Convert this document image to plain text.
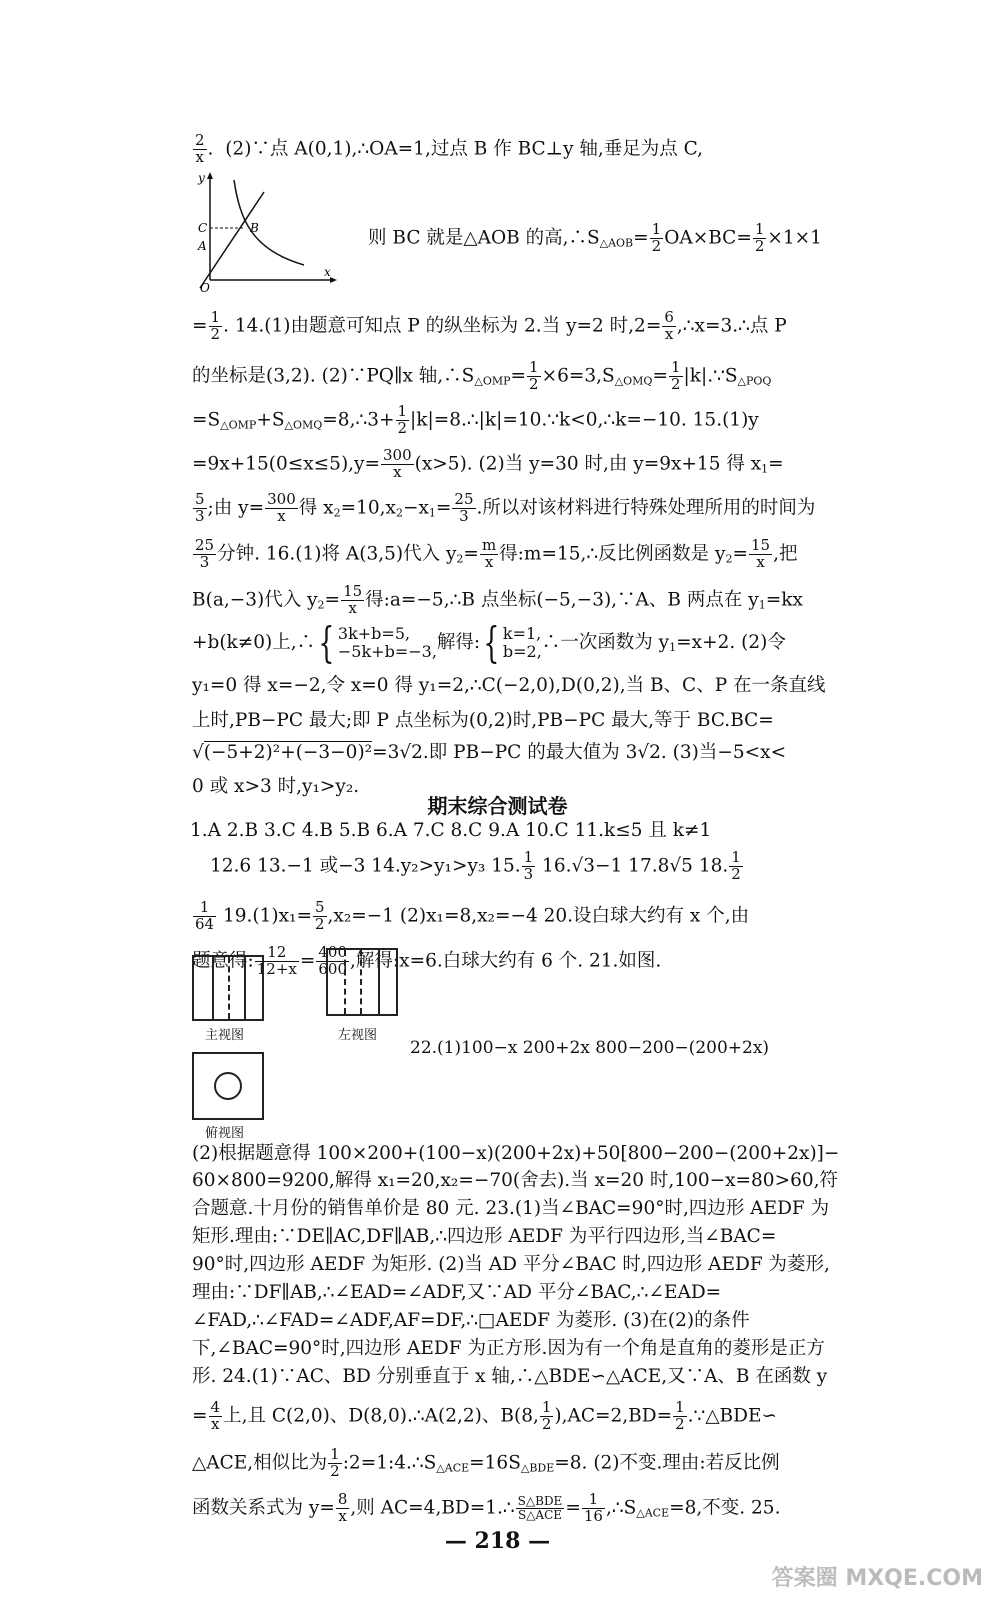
$\frac{2}{x}$ .  (2)∵点 A(0,1),∴OA=1,过点 B 作 BC⊥y 轴,垂足为点 C,
y
x
O
C
A
B	则 BC 就是△AOB 的高$,\therefore S_{\triangle AOB}= \frac{1}{2} OA\times BC= \frac{1}{2} \times 1\times 1$
= $\frac{1}{2}$ . 14.(1)由题意可知点 P 的纵坐标为 2.当 y=2 时$,2= \frac{6}{x}$ ,∴x=3.∴点 P
的坐标是(3,2). (2)∵PQ∥x 轴$,\therefore S_{\triangle OMP}= \frac{1}{2} \times 6=3,S_{\triangle OMQ}= \frac{1}{2}$ $|k|.\because S_{\triangle POQ}$
$=S_{\triangle OMP}+S_{\triangle OMQ}=8,\therefore 3+ \frac{1}{2}$ |k|=8.∴|k|=10.∵k<0,∴k=−10. 15.(1)y
$=9x+15(0\le x\le 5),y= \frac{300}{x} (x>5)$. (2)当 y=30 时,由 y=9x+15 得 $x_1=$
$\frac{5}{3}$ ;由 $y= \frac{300}{x}$ 得 $x_2=10,x_2-x_1= \frac{25}{3}$ .所以对该材料进行特殊处理所用的时间为
$\frac{25}{3}$ 分钟. 16.(1)将 A(3,5)代入 $y_2= \frac{m}{x}$ 得:m=15,∴反比例函数是 $y_2= \frac{15}{x}$ ,把
B(a,−3)代入 $y_2= \frac{15}{x}$ 得:a=−5,∴B 点坐标(−5,−3),∵A、B 两点在 $y_1=kx$
+b(k≠0)上,∴{ 3k+b=5,
−5k+b=−3, 解得:{ k=1,
b=2, ∴一次函数为 $y_1=x+2$. (2)令
y₁=0 得 x=−2,令 x=0 得 y₁=2,∴C(−2,0),D(0,2),当 B、C、P 在一条直线
上时,PB−PC 最大;即 P 点坐标为(0,2)时,PB−PC 最大,等于 BC.BC=
√(−5+2)²+(−3−0)²=3√2.即 PB−PC 的最大值为 3√2. (3)当−5<x<
0 或 x>3 时,y₁>y₂.
期末综合测试卷
1.A 2.B 3.C 4.B 5.B 6.A 7.C 8.C 9.A 10.C 11.k≤5 且 k≠1
12.6 13.−1 或−3 14.y₂>y₁>y₃ 15. $\frac{1}{3} 16.√3-1$ 17.8√5 18. $\frac{1}{2}$
$\frac{1}{64} 19.(1)x_1= \frac{5}{2} ,x_2=-1$ (2)x₁=8,x₂=−4 20.设白球大约有 x 个,由
题意得: $\frac{12}{12+x} = \frac{400}{600}$ ,解得:x=6.白球大约有 6 个. 21.如图.
主视图	左视图
22.(1)100−x 200+2x 800−200−(200+2x)
俯视图
(2)根据题意得 100×200+(100−x)(200+2x)+50[800−200−(200+2x)]−
60×800=9200,解得 x₁=20,x₂=−70(舍去).当 x=20 时,100−x=80>60,符
合题意.十月份的销售单价是 80 元. 23.(1)当∠BAC=90°时,四边形 AEDF 为
矩形.理由:∵DE∥AC,DF∥AB,∴四边形 AEDF 为平行四边形,当∠BAC=
90°时,四边形 AEDF 为矩形. (2)当 AD 平分∠BAC 时,四边形 AEDF 为菱形,
理由:∵DF∥AB,∴∠EAD=∠ADF,又∵AD 平分∠BAC,∴∠EAD=
∠FAD,∴∠FAD=∠ADF,AF=DF,∴□AEDF 为菱形. (3)在(2)的条件
下,∠BAC=90°时,四边形 AEDF 为正方形.因为有一个角是直角的菱形是正方
形. 24.(1)∵AC、BD 分别垂直于 x 轴,∴△BDE∽△ACE,又∵A、B 在函数 y
= $\frac{4}{x}$ 上,且 C(2,0)、D(8,0).∴A(2,2)、B(8, $\frac{1}{2} ),AC=2,BD= \frac{1}{2}$ .∵△BDE∽
△ACE,相似比为 $\frac{1}{2}$ $:2=1:4.\therefore S_{\triangle ACE}=16S_{\triangle BDE}=8$. (2)不变.理由:若反比例
函数关系式为 $y= \frac{8}{x}$ ,则 AC=4,BD=1.∴ $\frac{\text{S△BDE}}{\text{S△ACE}} = \frac{1}{16}$ $,\therefore S_{\triangle ACE}=8$,不变. 25.
— 218 —
答案圈 MXQE.COM
